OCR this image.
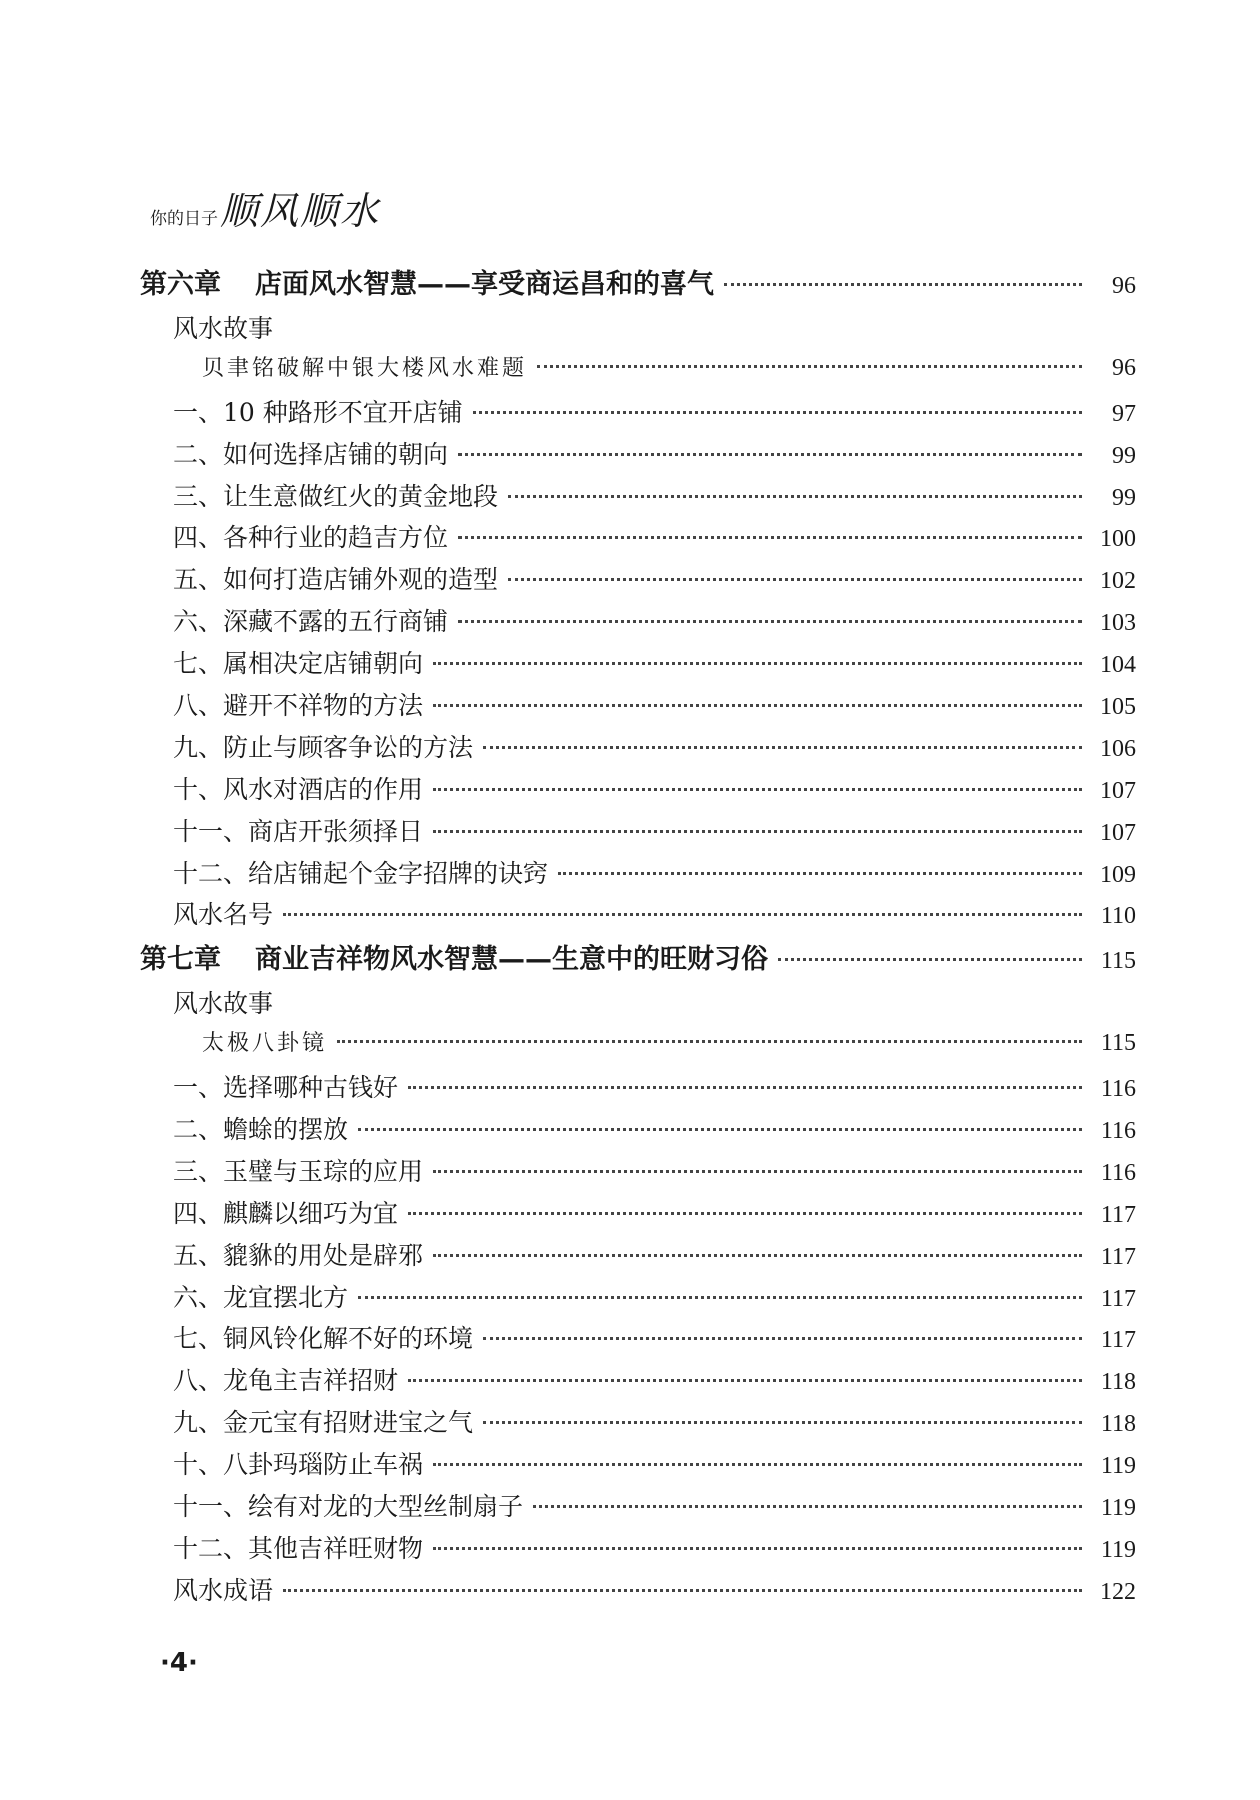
你的日子 顺风顺水
第六章 店面风水智慧——享受商运昌和的喜气	96
风水故事
贝聿铭破解中银大楼风水难题	96
一、10 种路形不宜开店铺	97
二、如何选择店铺的朝向	99
三、让生意做红火的黄金地段	99
四、各种行业的趋吉方位	100
五、如何打造店铺外观的造型	102
六、深藏不露的五行商铺	103
七、属相决定店铺朝向	104
八、避开不祥物的方法	105
九、防止与顾客争讼的方法	106
十、风水对酒店的作用	107
十一、商店开张须择日	107
十二、给店铺起个金字招牌的诀窍	109
风水名号	110
第七章 商业吉祥物风水智慧——生意中的旺财习俗	115
风水故事
太极八卦镜	115
一、选择哪种古钱好	116
二、蟾蜍的摆放	116
三、玉璧与玉琮的应用	116
四、麒麟以细巧为宜	117
五、貔貅的用处是辟邪	117
六、龙宜摆北方	117
七、铜风铃化解不好的环境	117
八、龙龟主吉祥招财	118
九、金元宝有招财进宝之气	118
十、八卦玛瑙防止车祸	119
十一、绘有对龙的大型丝制扇子	119
十二、其他吉祥旺财物	119
风水成语	122
·4·
